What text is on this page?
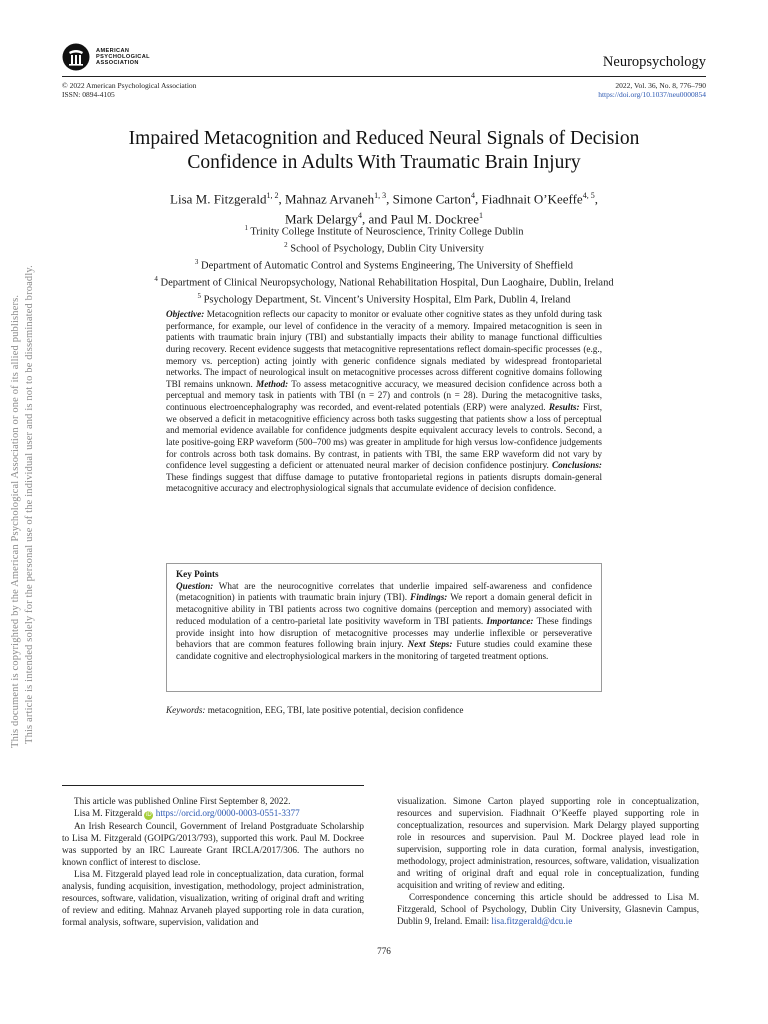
This document is copyrighted by the American Psychological Association or one of its allied publishers. This article is intended solely for the personal use of the individual user and is not to be disseminated broadly.
AMERICAN
PSYCHOLOGICAL
ASSOCIATION	Neuropsychology
© 2022 American Psychological Association
ISSN: 0894-4105
2022, Vol. 36, No. 8, 776–790
https://doi.org/10.1037/neu0000854
Impaired Metacognition and Reduced Neural Signals of Decision
Confidence in Adults With Traumatic Brain Injury
Lisa M. Fitzgerald$^{1, 2}$, Mahnaz Arvaneh$^{1, 3}$, Simone Carton$^4$, Fiadhnait O’Keeffe$^{4, 5}$,
Mark Delargy$^4$, and Paul M. Dockree$^1$
$^1$ Trinity College Institute of Neuroscience, Trinity College Dublin
$^2$ School of Psychology, Dublin City University
$^3$ Department of Automatic Control and Systems Engineering, The University of Sheffield
$^4$ Department of Clinical Neuropsychology, National Rehabilitation Hospital, Dun Laoghaire, Dublin, Ireland
$^5$ Psychology Department, St. Vincent’s University Hospital, Elm Park, Dublin 4, Ireland
Objective: Metacognition reflects our capacity to monitor or evaluate other cognitive states as they unfold during task performance, for example, our level of confidence in the veracity of a memory. Impaired metacognition is seen in patients with traumatic brain injury (TBI) and substantially impacts their ability to manage functional difficulties during recovery. Recent evidence suggests that metacognitive representations reflect domain-specific processes (e.g., memory vs. perception) acting jointly with generic confidence signals mediated by widespread frontoparietal networks. The impact of neurological insult on metacognitive processes across different cognitive domains following TBI remains unknown. Method: To assess metacognitive accuracy, we measured decision confidence across both a perceptual and memory task in patients with TBI (n = 27) and controls (n = 28). During the metacognitive tasks, continuous electroencephalography was recorded, and event-related potentials (ERP) were analyzed. Results: First, we observed a deficit in metacognitive efficiency across both tasks suggesting that patients show a loss of perceptual and memorial evidence available for confidence judgments despite equivalent accuracy levels to controls. Second, a late positive-going ERP waveform (500–700 ms) was greater in amplitude for high versus low-confidence judgements for controls across both task domains. By contrast, in patients with TBI, the same ERP waveform did not vary by confidence level suggesting a deficient or attenuated neural marker of decision confidence postinjury. Conclusions: These findings suggest that diffuse damage to putative frontoparietal regions in patients disrupts domain-general metacognitive accuracy and electrophysiological signals that accumulate evidence of decision confidence.
Key Points
Question: What are the neurocognitive correlates that underlie impaired self-awareness and confidence (metacognition) in patients with traumatic brain injury (TBI). Findings: We report a domain general deficit in metacognitive ability in TBI patients across two cognitive domains (perception and memory) associated with reduced modulation of a centro-parietal late positivity waveform in TBI patients. Importance: These findings provide insight into how disruption of metacognitive processes may underlie inflexible or perseverative behaviors that are common features following brain injury. Next Steps: Future studies could examine these candidate cognitive and electrophysiological markers in the monitoring of targeted treatment options.
Keywords: metacognition, EEG, TBI, late positive potential, decision confidence

This article was published Online First September 8, 2022.

Lisa M. Fitzgerald iD https://orcid.org/0000-0003-0551-3377

An Irish Research Council, Government of Ireland Postgraduate Scholarship to Lisa M. Fitzgerald (GOIPG/2013/793), supported this work. Paul M. Dockree was supported by an IRC Laureate Grant IRCLA/2017/306. The authors no known conflict of interest to disclose.

Lisa M. Fitzgerald played lead role in conceptualization, data curation, formal analysis, funding acquisition, investigation, methodology, project administration, resources, software, validation, visualization, writing of original draft and writing of review and editing. Mahnaz Arvaneh played supporting role in data curation, formal analysis, software, supervision, validation and

visualization. Simone Carton played supporting role in conceptualization, resources and supervision. Fiadhnait O’Keeffe played supporting role in conceptualization, resources and supervision. Mark Delargy played supporting role in resources and supervision. Paul M. Dockree played lead role in supervision, supporting role in data curation, formal analysis, investigation, methodology, project administration, resources, software, validation, visualization and writing of original draft and equal role in conceptualization, funding acquisition and writing of review and editing.

Correspondence concerning this article should be addressed to Lisa M. Fitzgerald, School of Psychology, Dublin City University, Glasnevin Campus, Dublin 9, Ireland. Email: lisa.fitzgerald@dcu.ie

776
